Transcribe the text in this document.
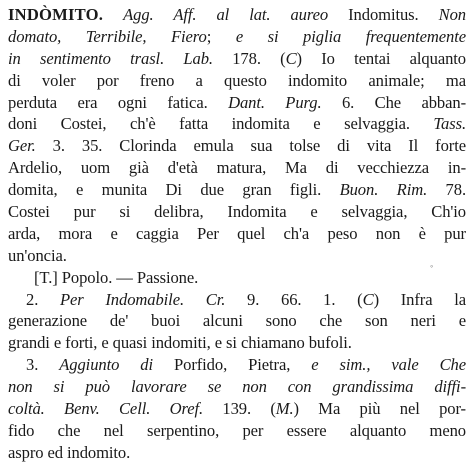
INDÒMITO. Agg. Aff. al lat. aureo Indomitus. Non
domato, Terribile, Fiero; e si piglia frequentemente
in sentimento trasl. Lab. 178. (C) Io tentai alquanto
di voler por freno a questo indomito animale; ma
perduta era ogni fatica. Dant. Purg. 6. Che abban-
doni Costei, ch'è fatta indomita e selvaggia. Tass.
Ger. 3. 35. Clorinda emula sua tolse di vita Il forte
Ardelio, uom già d'età matura, Ma di vecchiezza in-
domita, e munita Di due gran figli. Buon. Rim. 78.
Costei pur si delibra, Indomita e selvaggia, Ch'io
arda, mora e caggia Per quel ch'a peso non è pur
un'oncia.
[T.] Popolo. — Passione.
2. Per Indomabile. Cr. 9. 66. 1. (C) Infra la
generazione de' buoi alcuni sono che son neri e
grandi e forti, e quasi indomiti, e si chiamano bufoli.
3. Aggiunto di Porfido, Pietra, e sim., vale Che
non si può lavorare se non con grandissima diffi-
coltà. Benv. Cell. Oref. 139. (M.) Ma più nel por-
fido che nel serpentino, per essere alquanto meno
aspro ed indomito.
◦
